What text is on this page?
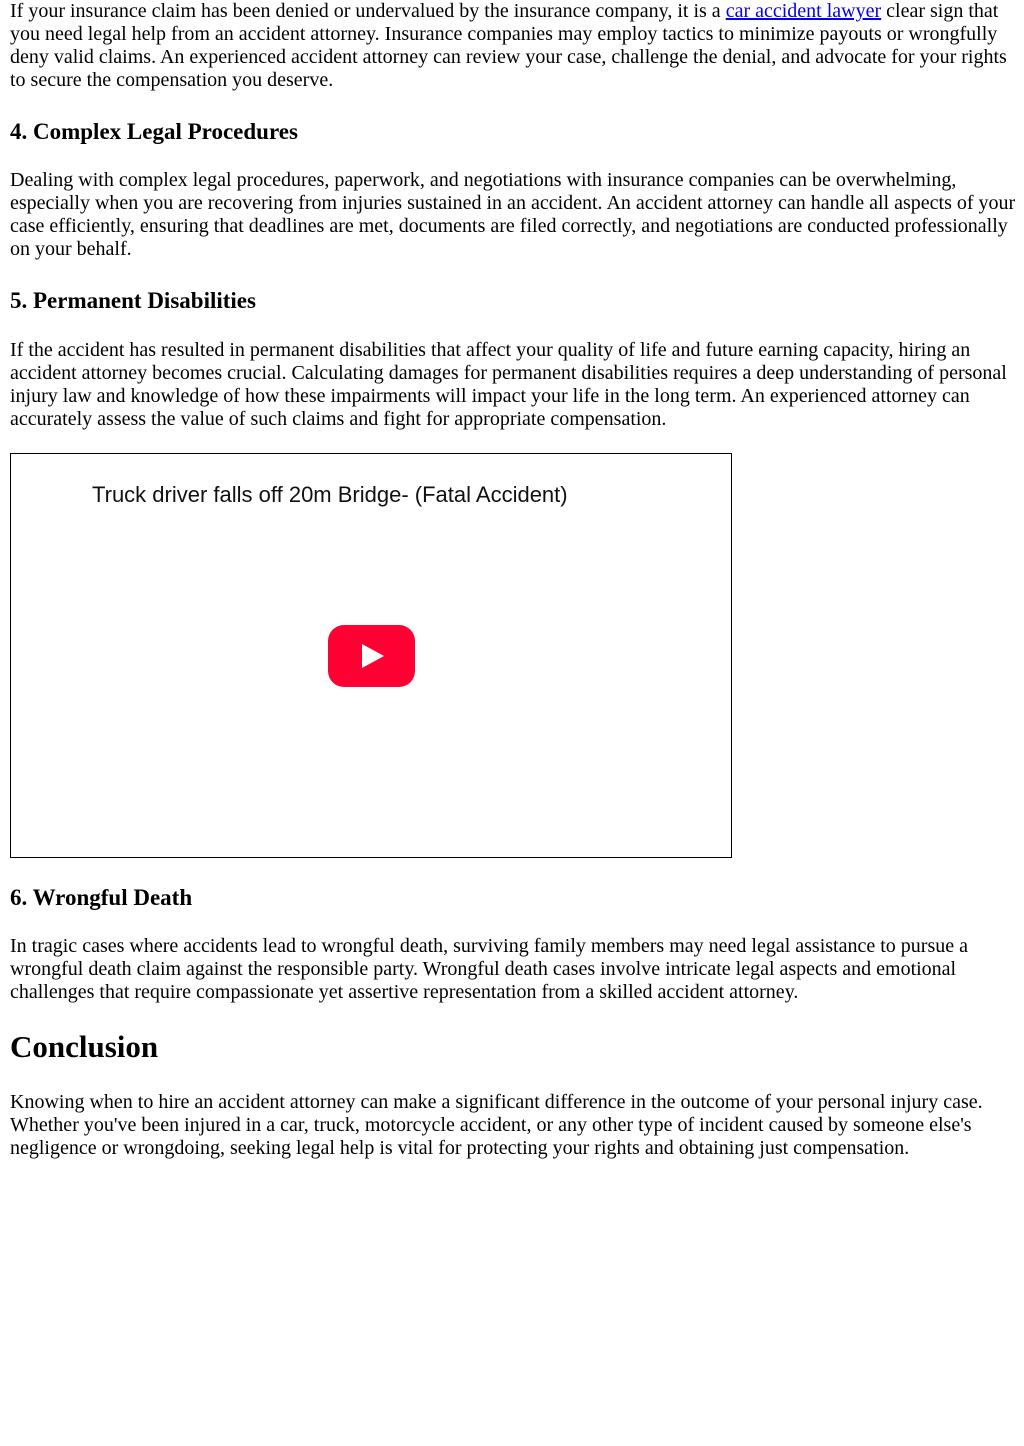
If your insurance claim has been denied or undervalued by the insurance company, it is a car accident lawyer clear sign that you need legal help from an accident attorney. Insurance companies may employ tactics to minimize payouts or wrongfully deny valid claims. An experienced accident attorney can review your case, challenge the denial, and advocate for your rights to secure the compensation you deserve.

4. Complex Legal Procedures

Dealing with complex legal procedures, paperwork, and negotiations with insurance companies can be overwhelming, especially when you are recovering from injuries sustained in an accident. An accident attorney can handle all aspects of your case efficiently, ensuring that deadlines are met, documents are filed correctly, and negotiations are conducted professionally on your behalf.

5. Permanent Disabilities

If the accident has resulted in permanent disabilities that affect your quality of life and future earning capacity, hiring an accident attorney becomes crucial. Calculating damages for permanent disabilities requires a deep understanding of personal injury law and knowledge of how these impairments will impact your life in the long term. An experienced attorney can accurately assess the value of such claims and fight for appropriate compensation.

Truck driver falls off 20m Bridge- (Fatal Accident)
6. Wrongful Death

In tragic cases where accidents lead to wrongful death, surviving family members may need legal assistance to pursue a wrongful death claim against the responsible party. Wrongful death cases involve intricate legal aspects and emotional challenges that require compassionate yet assertive representation from a skilled accident attorney.

Conclusion

Knowing when to hire an accident attorney can make a significant difference in the outcome of your personal injury case. Whether you've been injured in a car, truck, motorcycle accident, or any other type of incident caused by someone else's negligence or wrongdoing, seeking legal help is vital for protecting your rights and obtaining just compensation.
